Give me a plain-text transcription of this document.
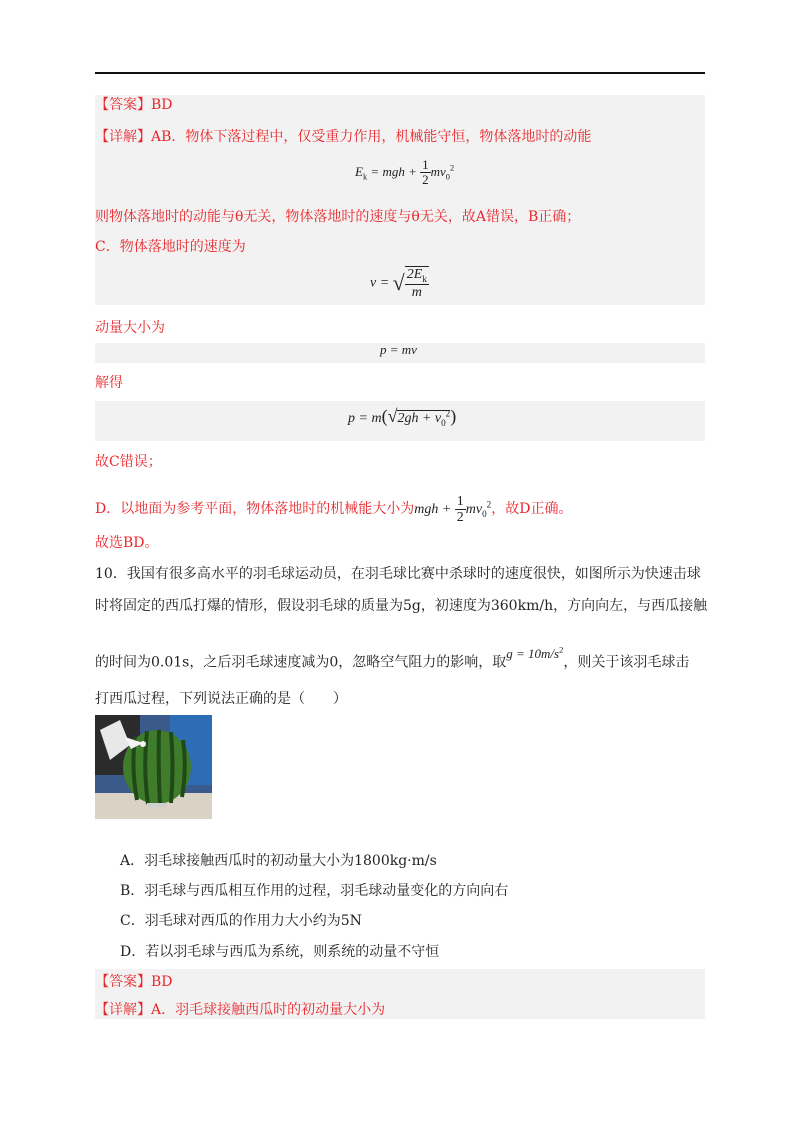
【答案】BD
【详解】AB．物体下落过程中，仅受重力作用，机械能守恒，物体落地时的动能
$E_k$ = mgh + $\frac{1}{2} mv_0^2$
则物体落地时的动能与θ无关，物体落地时的速度与θ无关，故A错误，B正确；
C．物体落地时的速度为
v = √ $\frac{2E_k}{m}$
动量大小为
p = mv
解得
$p = m(√2gh + v_0^2)$
故C错误；
D．以地面为参考平面，物体落地时的机械能大小为mgh + $\frac{1}{2} mv_0^2$，故D正确。
故选BD。
10．我国有很多高水平的羽毛球运动员，在羽毛球比赛中杀球时的速度很快，如图所示为快速击球
时将固定的西瓜打爆的情形，假设羽毛球的质量为5g，初速度为360km/h，方向向左，与西瓜接触
的时间为0.01s，之后羽毛球速度减为0，忽略空气阻力的影响，取$g = 10m/s^2$，则关于该羽毛球击
打西瓜过程，下列说法正确的是（　　）
A．羽毛球接触西瓜时的初动量大小为1800kg·m/s
B．羽毛球与西瓜相互作用的过程，羽毛球动量变化的方向向右
C．羽毛球对西瓜的作用力大小约为5N
D．若以羽毛球与西瓜为系统，则系统的动量不守恒
【答案】BD
【详解】A．羽毛球接触西瓜时的初动量大小为
